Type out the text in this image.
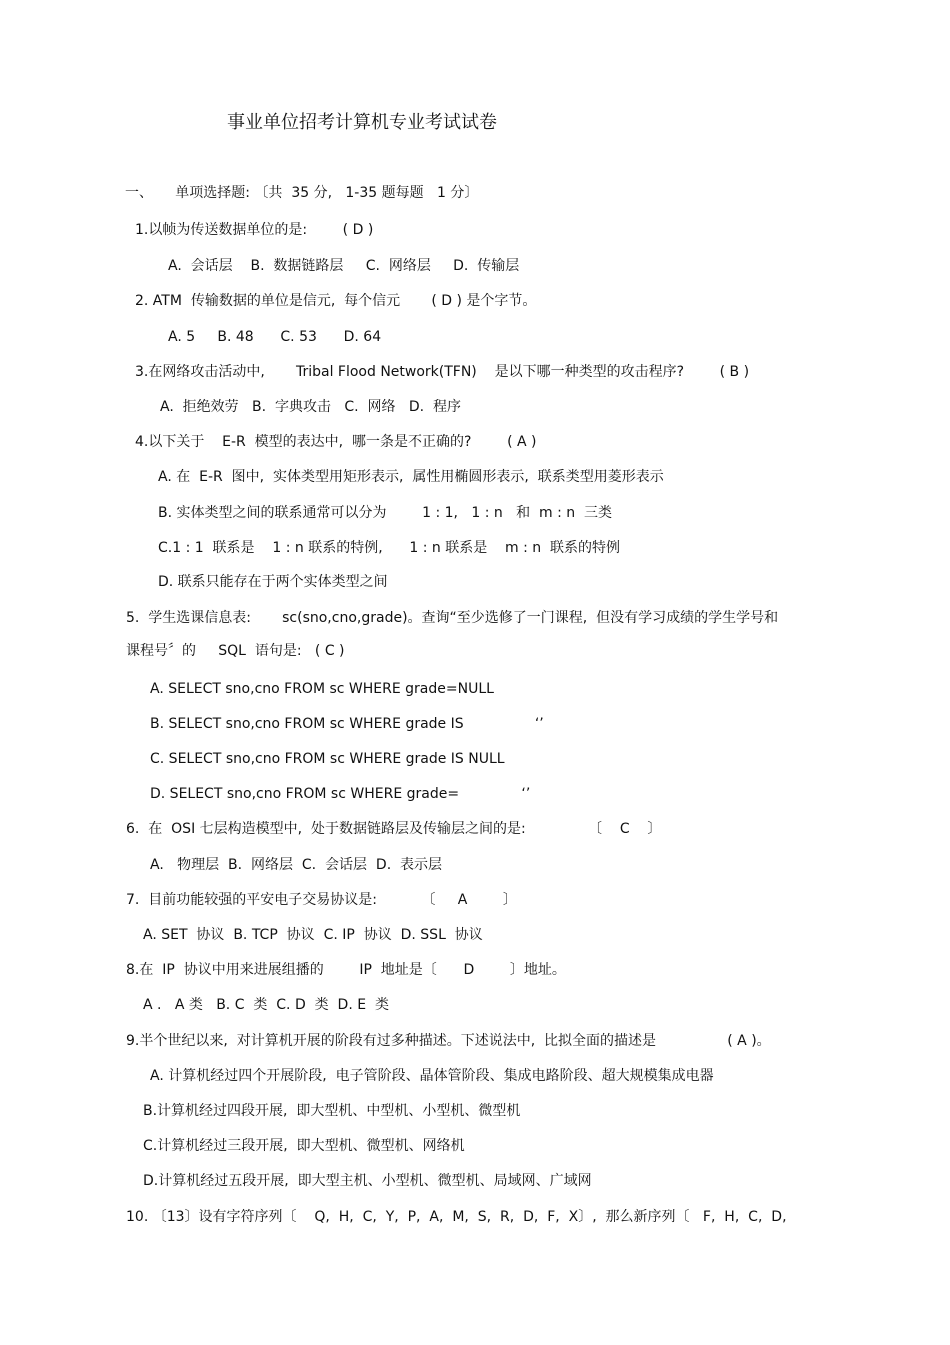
事业单位招考计算机专业考试试卷
一、     单项选择题: 〔共  35 分,   1-35 题每题   1 分〕
1.以帧为传送数据单位的是:        ( D )
A.  会话层    B.  数据链路层     C.  网络层     D.  传输层
2. ATM  传输数据的单位是信元,  每个信元       ( D ) 是个字节。
A. 5     B. 48      C. 53      D. 64
3.在网络攻击活动中,       Tribal Flood Network(TFN)    是以下哪一种类型的攻击程序?        ( B )
A.  拒绝效劳   B.  字典攻击   C.  网络   D.  程序
4.以下关于    E-R  模型的表达中,  哪一条是不正确的?        ( A )
A. 在  E-R  图中,  实体类型用矩形表示,  属性用椭圆形表示,  联系类型用菱形表示
B. 实体类型之间的联系通常可以分为        1 : 1,   1 : n   和  m : n  三类
C.1 : 1  联系是    1 : n 联系的特例,      1 : n 联系是    m : n  联系的特例
D. 联系只能存在于两个实体类型之间
5.  学生选课信息表:       sc(sno,cno,grade)。查询“至少选修了一门课程,  但没有学习成绩的学生学号和
课程号〞的     SQL  语句是:   ( C )
A. SELECT sno,cno FROM sc WHERE grade=NULL
B. SELECT sno,cno FROM sc WHERE grade IS                ‘’
C. SELECT sno,cno FROM sc WHERE grade IS NULL
D. SELECT sno,cno FROM sc WHERE grade=              ‘’
6.  在  OSI 七层构造模型中,  处于数据链路层及传输层之间的是:              〔    C    〕
A.   物理层  B.  网络层  C.  会话层  D.  表示层
7.  目前功能较强的平安电子交易协议是:          〔     A        〕
A. SET  协议  B. TCP  协议  C. IP  协议  D. SSL  协议
8.在  IP  协议中用来进展组播的        IP  地址是〔      D        〕地址。
A .   A 类   B. C  类  C. D  类  D. E  类
9.半个世纪以来,  对计算机开展的阶段有过多种描述。下述说法中,  比拟全面的描述是                ( A )。
A. 计算机经过四个开展阶段,  电子管阶段、晶体管阶段、集成电路阶段、超大规模集成电器
B.计算机经过四段开展,  即大型机、中型机、小型机、微型机
C.计算机经过三段开展,  即大型机、微型机、网络机
D.计算机经过五段开展,  即大型主机、小型机、微型机、局域网、广域网
10. 〔13〕设有字符序列〔    Q,  H,  C,  Y,  P,  A,  M,  S,  R,  D,  F,  X〕,  那么新序列〔   F,  H,  C,  D,
